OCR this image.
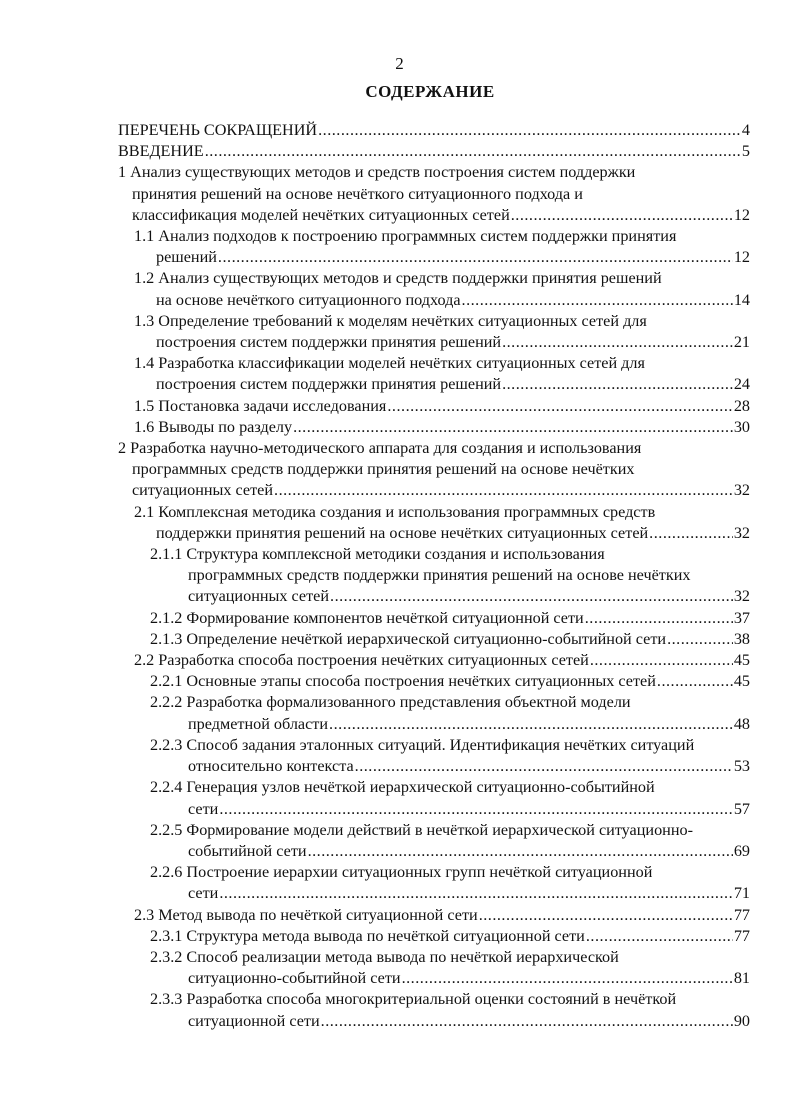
2
СОДЕРЖАНИЕ
ПЕРЕЧЕНЬ СОКРАЩЕНИЙ .....	4
ВВЕДЕНИЕ .....	5
1 Анализ существующих методов и средств построения систем поддержки
принятия решений на основе нечёткого ситуационного подхода и
классификация моделей нечётких ситуационных сетей .....	12
1.1 Анализ подходов к построению программных систем поддержки принятия
решений .....	12
1.2 Анализ существующих методов и средств поддержки принятия решений
на основе нечёткого ситуационного подхода .....	14
1.3 Определение требований к моделям нечётких ситуационных сетей для
построения систем поддержки принятия решений .....	21
1.4 Разработка классификации моделей нечётких ситуационных сетей для
построения систем поддержки принятия решений .....	24
1.5 Постановка задачи исследования .....	28
1.6 Выводы по разделу .....	30
2 Разработка научно-методического аппарата для создания и использования
программных средств поддержки принятия решений на основе нечётких
ситуационных сетей .....	32
2.1 Комплексная методика создания и использования программных средств
поддержки принятия решений на основе нечётких ситуационных сетей .....	32
2.1.1 Структура комплексной методики создания и использования
программных средств поддержки принятия решений на основе нечётких
ситуационных сетей .....	32
2.1.2 Формирование компонентов нечёткой ситуационной сети .....	37
2.1.3 Определение нечёткой иерархической ситуационно-событийной сети .....	38
2.2 Разработка способа построения нечётких ситуационных сетей .....	45
2.2.1 Основные этапы способа построения нечётких ситуационных сетей .....	45
2.2.2 Разработка формализованного представления объектной модели
предметной области .....	48
2.2.3 Способ задания эталонных ситуаций. Идентификация нечётких ситуаций
относительно контекста .....	53
2.2.4 Генерация узлов нечёткой иерархической ситуационно-событийной
сети .....	57
2.2.5 Формирование модели действий в нечёткой иерархической ситуационно-
событийной сети .....	69
2.2.6 Построение иерархии ситуационных групп нечёткой ситуационной
сети .....	71
2.3 Метод вывода по нечёткой ситуационной сети .....	77
2.3.1 Структура метода вывода по нечёткой ситуационной сети .....	77
2.3.2 Способ реализации метода вывода по нечёткой иерархической
ситуационно-событийной сети .....	81
2.3.3 Разработка способа многокритериальной оценки состояний в нечёткой
ситуационной сети .....	90
